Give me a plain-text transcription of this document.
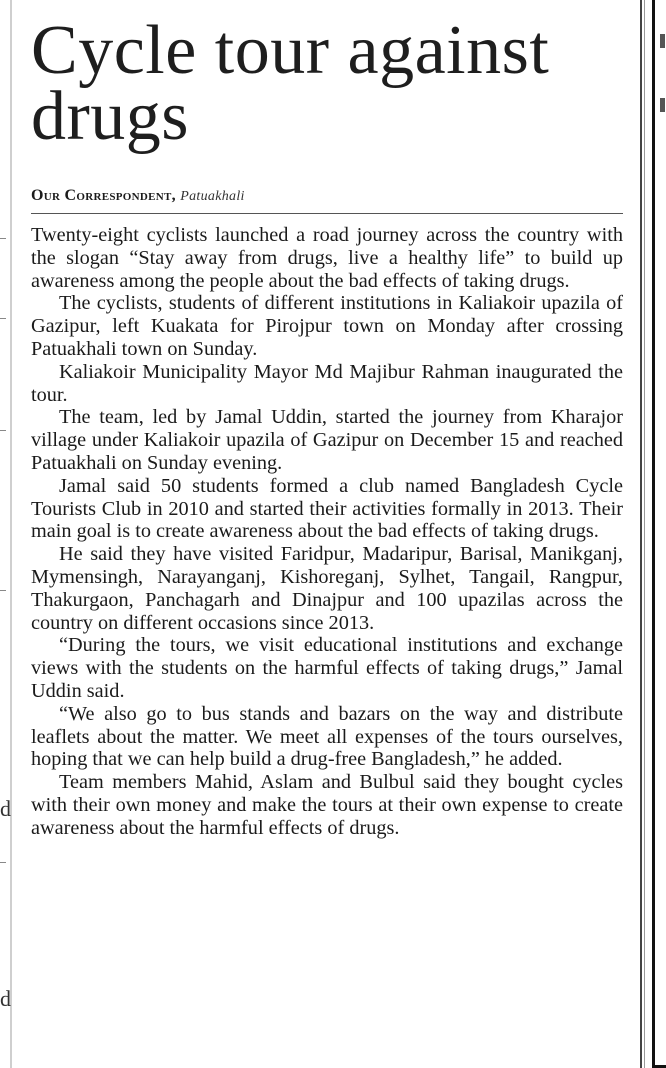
d
d
Cycle tour against drugs
Our Correspondent, Patuakhali

Twenty-eight cyclists launched a road journey across the country with the slogan “Stay away from drugs, live a healthy life” to build up awareness among the people about the bad effects of taking drugs.

The cyclists, students of different institutions in Kaliakoir upazila of Gazipur, left Kuakata for Pirojpur town on Monday after crossing Patuakhali town on Sunday.

Kaliakoir Municipality Mayor Md Majibur Rahman inaugurated the tour.

The team, led by Jamal Uddin, started the journey from Kharajor village under Kaliakoir upazila of Gazipur on December 15 and reached Patuakhali on Sunday evening.

Jamal said 50 students formed a club named Bangladesh Cycle Tourists Club in 2010 and started their activities formally in 2013. Their main goal is to create awareness about the bad effects of taking drugs.

He said they have visited Faridpur, Madaripur, Barisal, Manikganj, Mymensingh, Narayanganj, Kishoreganj, Sylhet, Tangail, Rangpur, Thakurgaon, Panchagarh and Dinajpur and 100 upazilas across the country on different occasions since 2013.

“During the tours, we visit educational institutions and exchange views with the students on the harmful effects of taking drugs,” Jamal Uddin said.

“We also go to bus stands and bazars on the way and distribute leaflets about the matter. We meet all expenses of the tours ourselves, hoping that we can help build a drug-free Bangladesh,” he added.

Team members Mahid, Aslam and Bulbul said they bought cycles with their own money and make the tours at their own expense to create awareness about the harmful effects of drugs.
